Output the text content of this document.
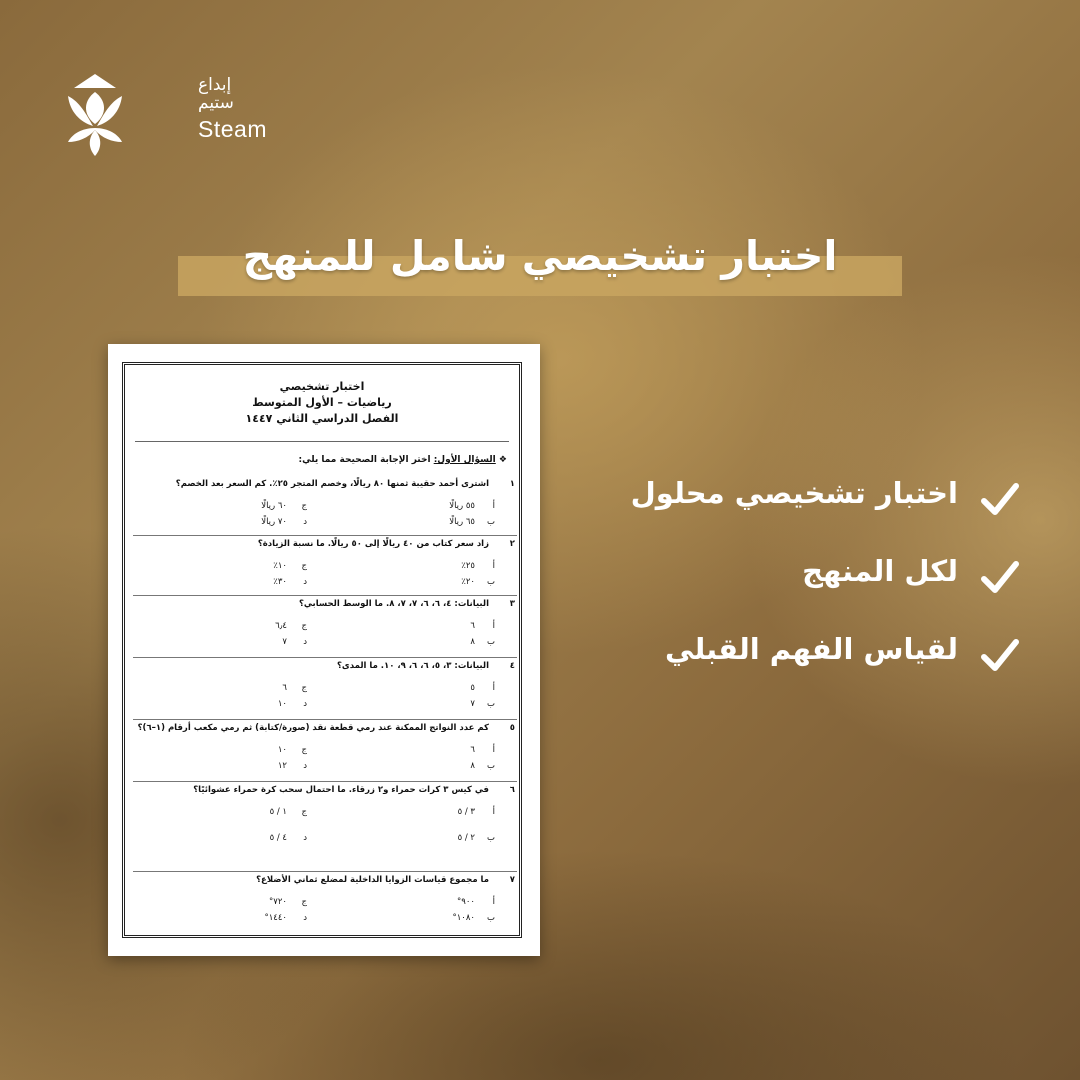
إبداع
ستيم
Steam
اختبار تشخيصي شامل للمنهج
اختبار تشخيصي
رياضيات – الأول المتوسط
الفصل الدراسي الثاني ١٤٤٧
❖ السؤال الأول: اختر الإجابة الصحيحة مما يلي:
١اشترى أحمد حقيبة ثمنها ٨٠ ريالًا، وخصم المتجر ٢٥٪. كم السعر بعد الخصم؟
أ٥٥ ريالًا
ب٦٥ ريالًا
ج٦٠ ريالًا
د٧٠ ريالًا
٢زاد سعر كتاب من ٤٠ ريالًا إلى ٥٠ ريالًا. ما نسبة الزيادة؟
أ٢٥٪
ب٢٠٪
ج١٠٪
د٣٠٪
٣البيانات: ٤، ٦، ٦، ٧، ٧، ٨. ما الوسط الحسابي؟
أ٦
ب٨
ج٦٫٤
د٧
٤البيانات: ٣، ٥، ٦، ٦، ٩، ١٠. ما المدى؟
أ٥
ب٧
ج٦
د١٠
٥كم عدد النواتج الممكنة عند رمي قطعة نقد (صورة/كتابة) ثم رمي مكعب أرقام (١–٦)؟
أ٦
ب٨
ج١٠
د١٢
٦في كيس ٣ كرات حمراء و٢ زرقاء. ما احتمال سحب كرة حمراء عشوائيًا؟
أ٣ / ٥
ب٢ / ٥
ج١ / ٥
د٤ / ٥
٧ما مجموع قياسات الزوايا الداخلية لمضلع ثماني الأضلاع؟
أ٩٠٠°
ب١٠٨٠°
ج٧٢٠°
د١٤٤٠°
اختبار تشخيصي محلول
لكل المنهج
لقياس الفهم القبلي
